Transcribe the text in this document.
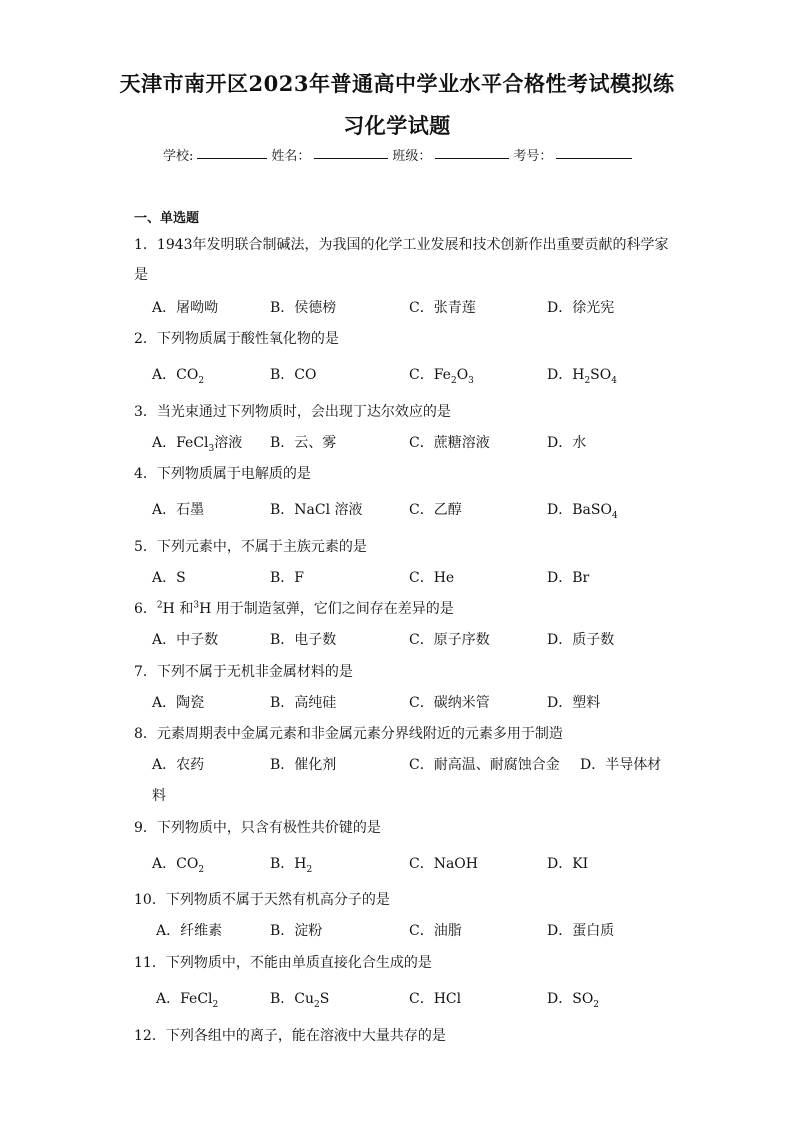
天津市南开区2023年普通高中学业水平合格性考试模拟练
习化学试题
学校:	姓名：	班级：	考号：
一、单选题
1．1943年发明联合制碱法，为我国的化学工业发展和技术创新作出重要贡献的科学家
是
A．屠呦呦	B．侯德榜	C．张青莲	D．徐光宪
2．下列物质属于酸性氧化物的是
A．$CO_2$	B．CO	C．$Fe_2O_3$	D．$H_2SO_4$
3．当光束通过下列物质时，会出现丁达尔效应的是
A．FeCl$_3$溶液 B．云、雾	C．蔗糖溶液	D．水
4．下列物质属于电解质的是
A．石墨	B．NaCl 溶液	C．乙醇	D．BaSO$_4$
5．下列元素中，不属于主族元素的是
A．S	B．F	C．He	D．Br
6．$^2$H 和$^3$H 用于制造氢弹，它们之间存在差异的是
A．中子数	B．电子数	C．原子序数	D．质子数
7．下列不属于无机非金属材料的是
A．陶瓷	B．高纯硅	C．碳纳米管	D．塑料
8．元素周期表中金属元素和非金属元素分界线附近的元素多用于制造
A．农药	B．催化剂	C．耐高温、耐腐蚀合金 D．半导体材
料
9．下列物质中，只含有极性共价键的是
A．$CO_2$	B．$H_2$	C．NaOH	D．KI
10．下列物质不属于天然有机高分子的是
A．纤维素	B．淀粉	C．油脂	D．蛋白质
11．下列物质中，不能由单质直接化合生成的是
A．FeCl$_2$	B．$Cu_2S$	C．HCl	D．$SO_2$
12．下列各组中的离子，能在溶液中大量共存的是
